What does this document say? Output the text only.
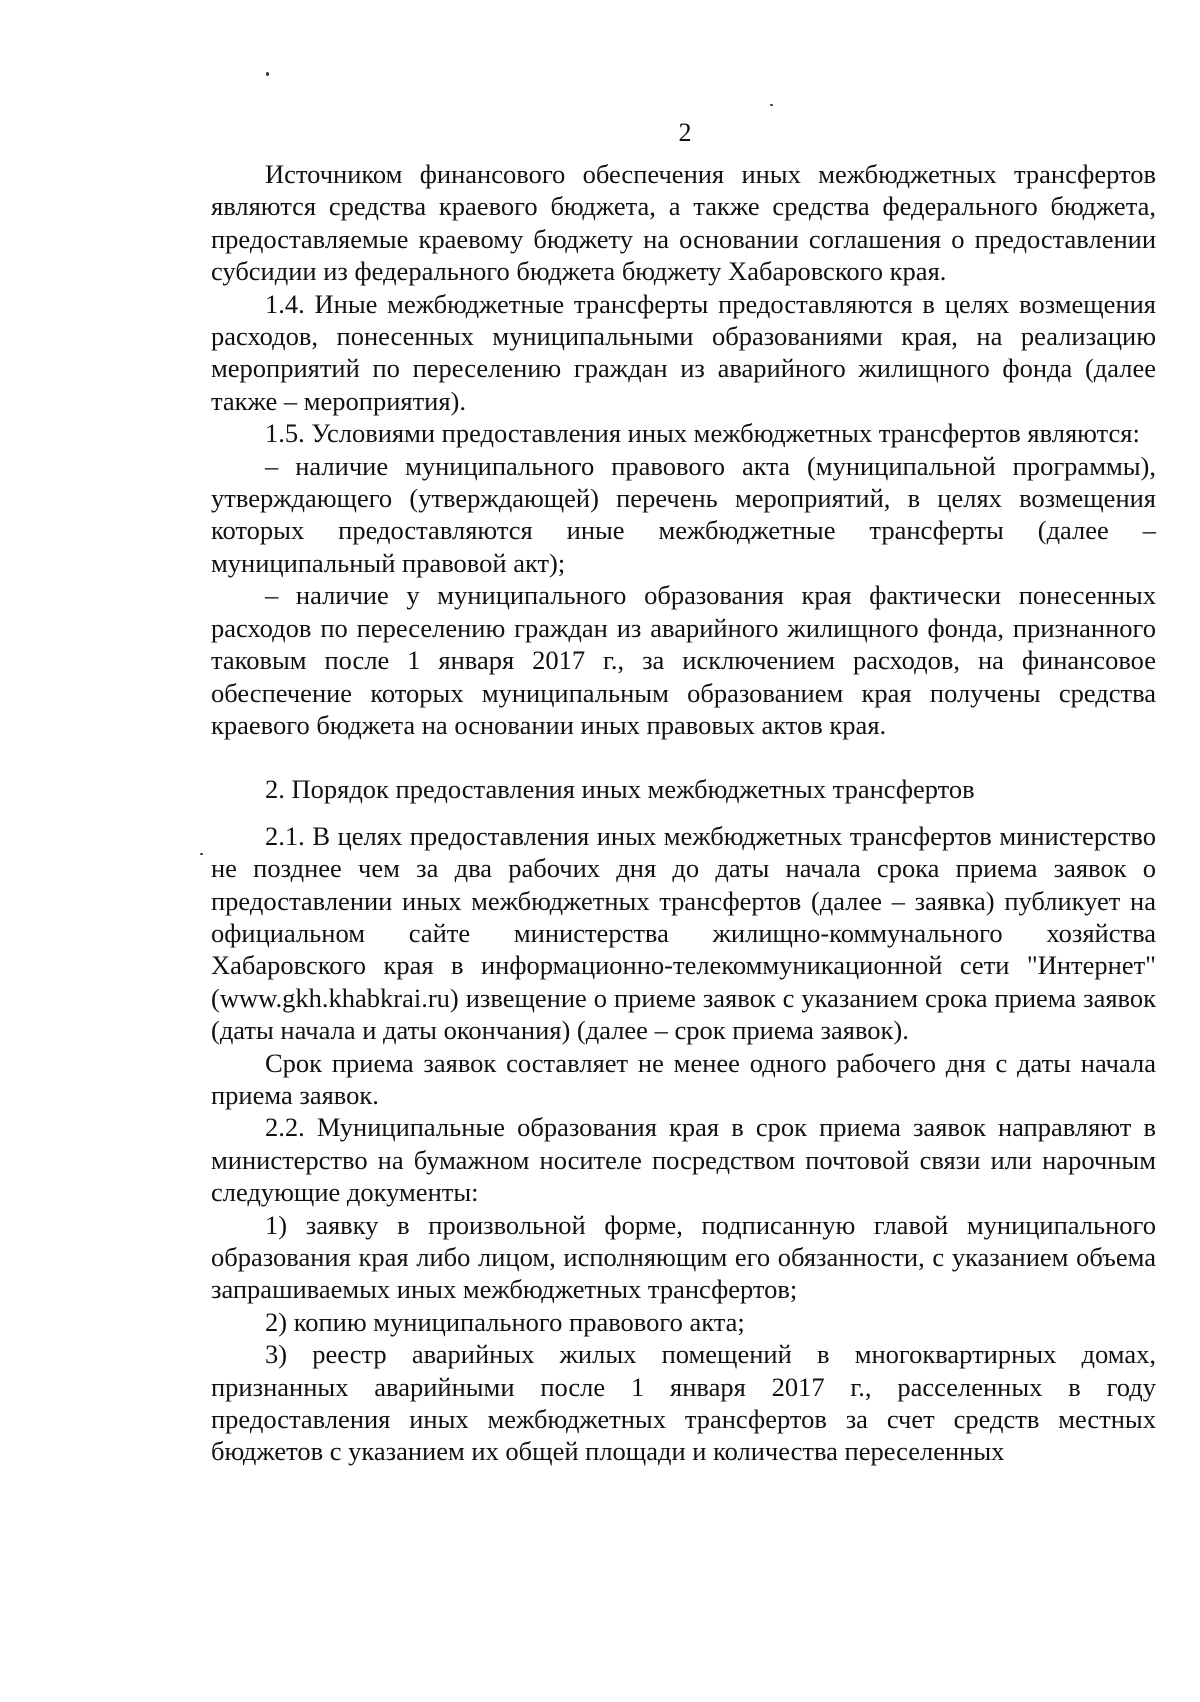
2

Источником финансового обеспечения иных межбюджетных трансфертов являются средства краевого бюджета, а также средства федерального бюджета, предоставляемые краевому бюджету на основании соглашения о предоставлении субсидии из федерального бюджета бюджету Хабаровского края.

1.4. Иные межбюджетные трансферты предоставляются в целях возмещения расходов, понесенных муниципальными образованиями края, на реализацию мероприятий по переселению граждан из аварийного жилищного фонда (далее также – мероприятия).

1.5. Условиями предоставления иных межбюджетных трансфертов являются:

– наличие муниципального правового акта (муниципальной программы), утверждающего (утверждающей) перечень мероприятий, в целях возмещения которых предоставляются иные межбюджетные трансферты (далее – муниципальный правовой акт);

– наличие у муниципального образования края фактически понесенных расходов по переселению граждан из аварийного жилищного фонда, признанного таковым после 1 января 2017 г., за исключением расходов, на финансовое обеспечение которых муниципальным образованием края получены средства краевого бюджета на основании иных правовых актов края.

2. Порядок предоставления иных межбюджетных трансфертов

2.1. В целях предоставления иных межбюджетных трансфертов министерство не позднее чем за два рабочих дня до даты начала срока приема заявок о предоставлении иных межбюджетных трансфертов (далее – заявка) публикует на официальном сайте министерства жилищно-коммунального хозяйства Хабаровского края в информационно-телекоммуникационной сети "Интернет" (www.gkh.khabkrai.ru) извещение о приеме заявок с указанием срока приема заявок (даты начала и даты окончания) (далее – срок приема заявок).

Срок приема заявок составляет не менее одного рабочего дня с даты начала приема заявок.

2.2. Муниципальные образования края в срок приема заявок направляют в министерство на бумажном носителе посредством почтовой связи или нарочным следующие документы:

1) заявку в произвольной форме, подписанную главой муниципального образования края либо лицом, исполняющим его обязанности, с указанием объема запрашиваемых иных межбюджетных трансфертов;

2) копию муниципального правового акта;

3) реестр аварийных жилых помещений в многоквартирных домах, признанных аварийными после 1 января 2017 г., расселенных в году предоставления иных межбюджетных трансфертов за счет средств местных бюджетов с указанием их общей площади и количества переселенных
